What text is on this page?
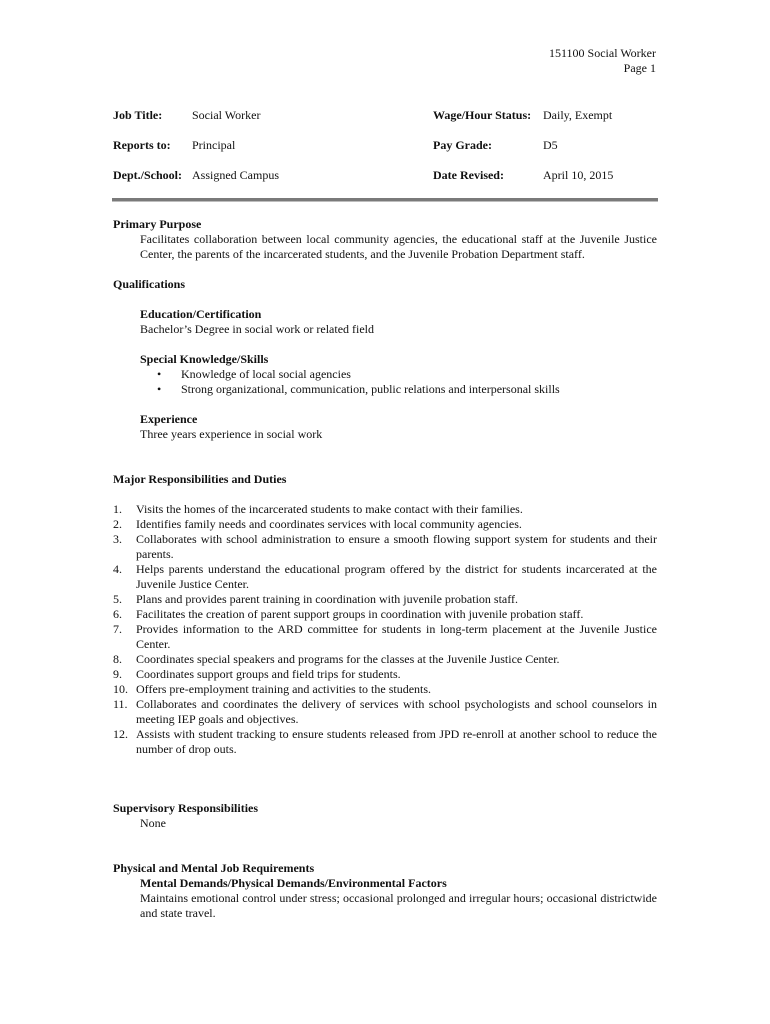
151100 Social Worker
Page 1
Job Title: Social Worker	Wage/Hour Status: Daily, Exempt
Reports to: Principal	Pay Grade:	D5
Dept./School: Assigned Campus	Date Revised:	April 10, 2015
Primary Purpose
Facilitates collaboration between local community agencies, the educational staff at the Juvenile Justice Center, the parents of the incarcerated students, and the Juvenile Probation Department staff.
Qualifications
Education/Certification
Bachelor’s Degree in social work or related field
Special Knowledge/Skills
• Knowledge of local social agencies
• Strong organizational, communication, public relations and interpersonal skills
Experience
Three years experience in social work
Major Responsibilities and Duties
1.	Visits the homes of the incarcerated students to make contact with their families.
2.	Identifies family needs and coordinates services with local community agencies.
3.	Collaborates with school administration to ensure a smooth flowing support system for students and their parents.
4.	Helps parents understand the educational program offered by the district for students incarcerated at the Juvenile Justice Center.
5.	Plans and provides parent training in coordination with juvenile probation staff.
6.	Facilitates the creation of parent support groups in coordination with juvenile probation staff.
7.	Provides information to the ARD committee for students in long-term placement at the Juvenile Justice Center.
8.	Coordinates special speakers and programs for the classes at the Juvenile Justice Center.
9.	Coordinates support groups and field trips for students.
10. Offers pre-employment training and activities to the students.
11. Collaborates and coordinates the delivery of services with school psychologists and school counselors in meeting IEP goals and objectives.
12. Assists with student tracking to ensure students released from JPD re-enroll at another school to reduce the number of drop outs.
Supervisory Responsibilities
None
Physical and Mental Job Requirements
Mental Demands/Physical Demands/Environmental Factors
Maintains emotional control under stress; occasional prolonged and irregular hours; occasional districtwide and state travel.
